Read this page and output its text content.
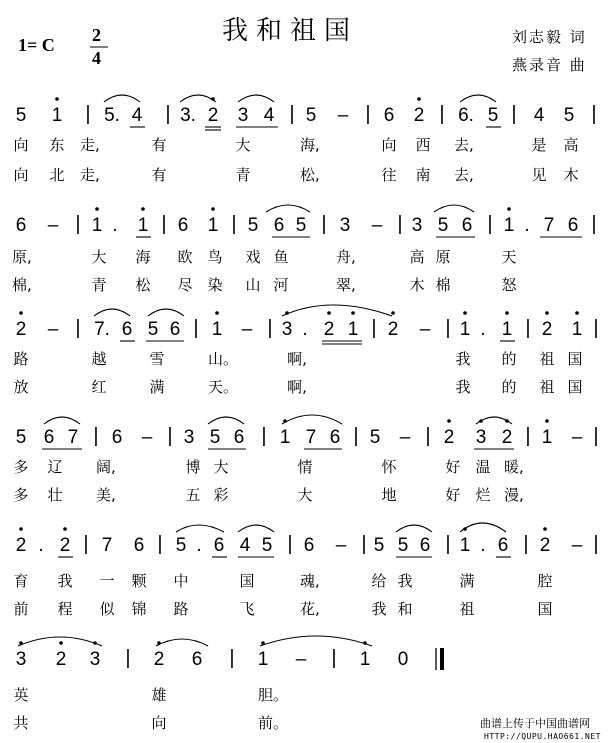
1= C 2
4
我和祖国	刘志毅 词
燕录音 曲
5 1 | 5. 4 | 3. 2 3 4 | 5 – | 6 2 | 6. 5 | 4 5 |
向 东 走,	有	大	海,	向 西 去,	是 高
向 北 走,	有	青	松,	往 南 去,	见 木
6 – | 1 . 1 | 6 1 | 5 6 5 | 3 – | 3 5 6 | 1 . 7 6 |
原,	大 海 欧 鸟 戏 鱼	舟,	高 原	天
棉,	青 松 尽 染 山 河	翠,	木 棉	怒
2 – | 7. 6 5 6 | 1 – | 3 . 2 1 | 2 – | 1 . 1 | 2 1 |
路	越	雪	山。	啊,	我 的 祖 国
放	红	满	天。	啊,	我 的 祖 国
5 6 7 | 6 – | 3 5 6 | 1 7 6 | 5 – | 2 3 2 | 1 – |
多 辽 阔,	博 大	情	怀	好 温 暖,
多 壮 美,	五 彩	大	地	好 烂 漫,
2 . 2 | 7 6 | 5 . 6 4 5 | 6 – | 5 5 6 | 1 . 6 | 2 – |
育 我 一 颗 中	国	魂,	给 我	满	腔
前 程 似 锦 路	飞	花,	我 和	祖	国
3 2 3 | 2 6 | 1 – | 1 0
英	雄	胆。
共	向	前。	曲谱上传于中国曲谱网
HTTP://QUPU.HAO661.NET
